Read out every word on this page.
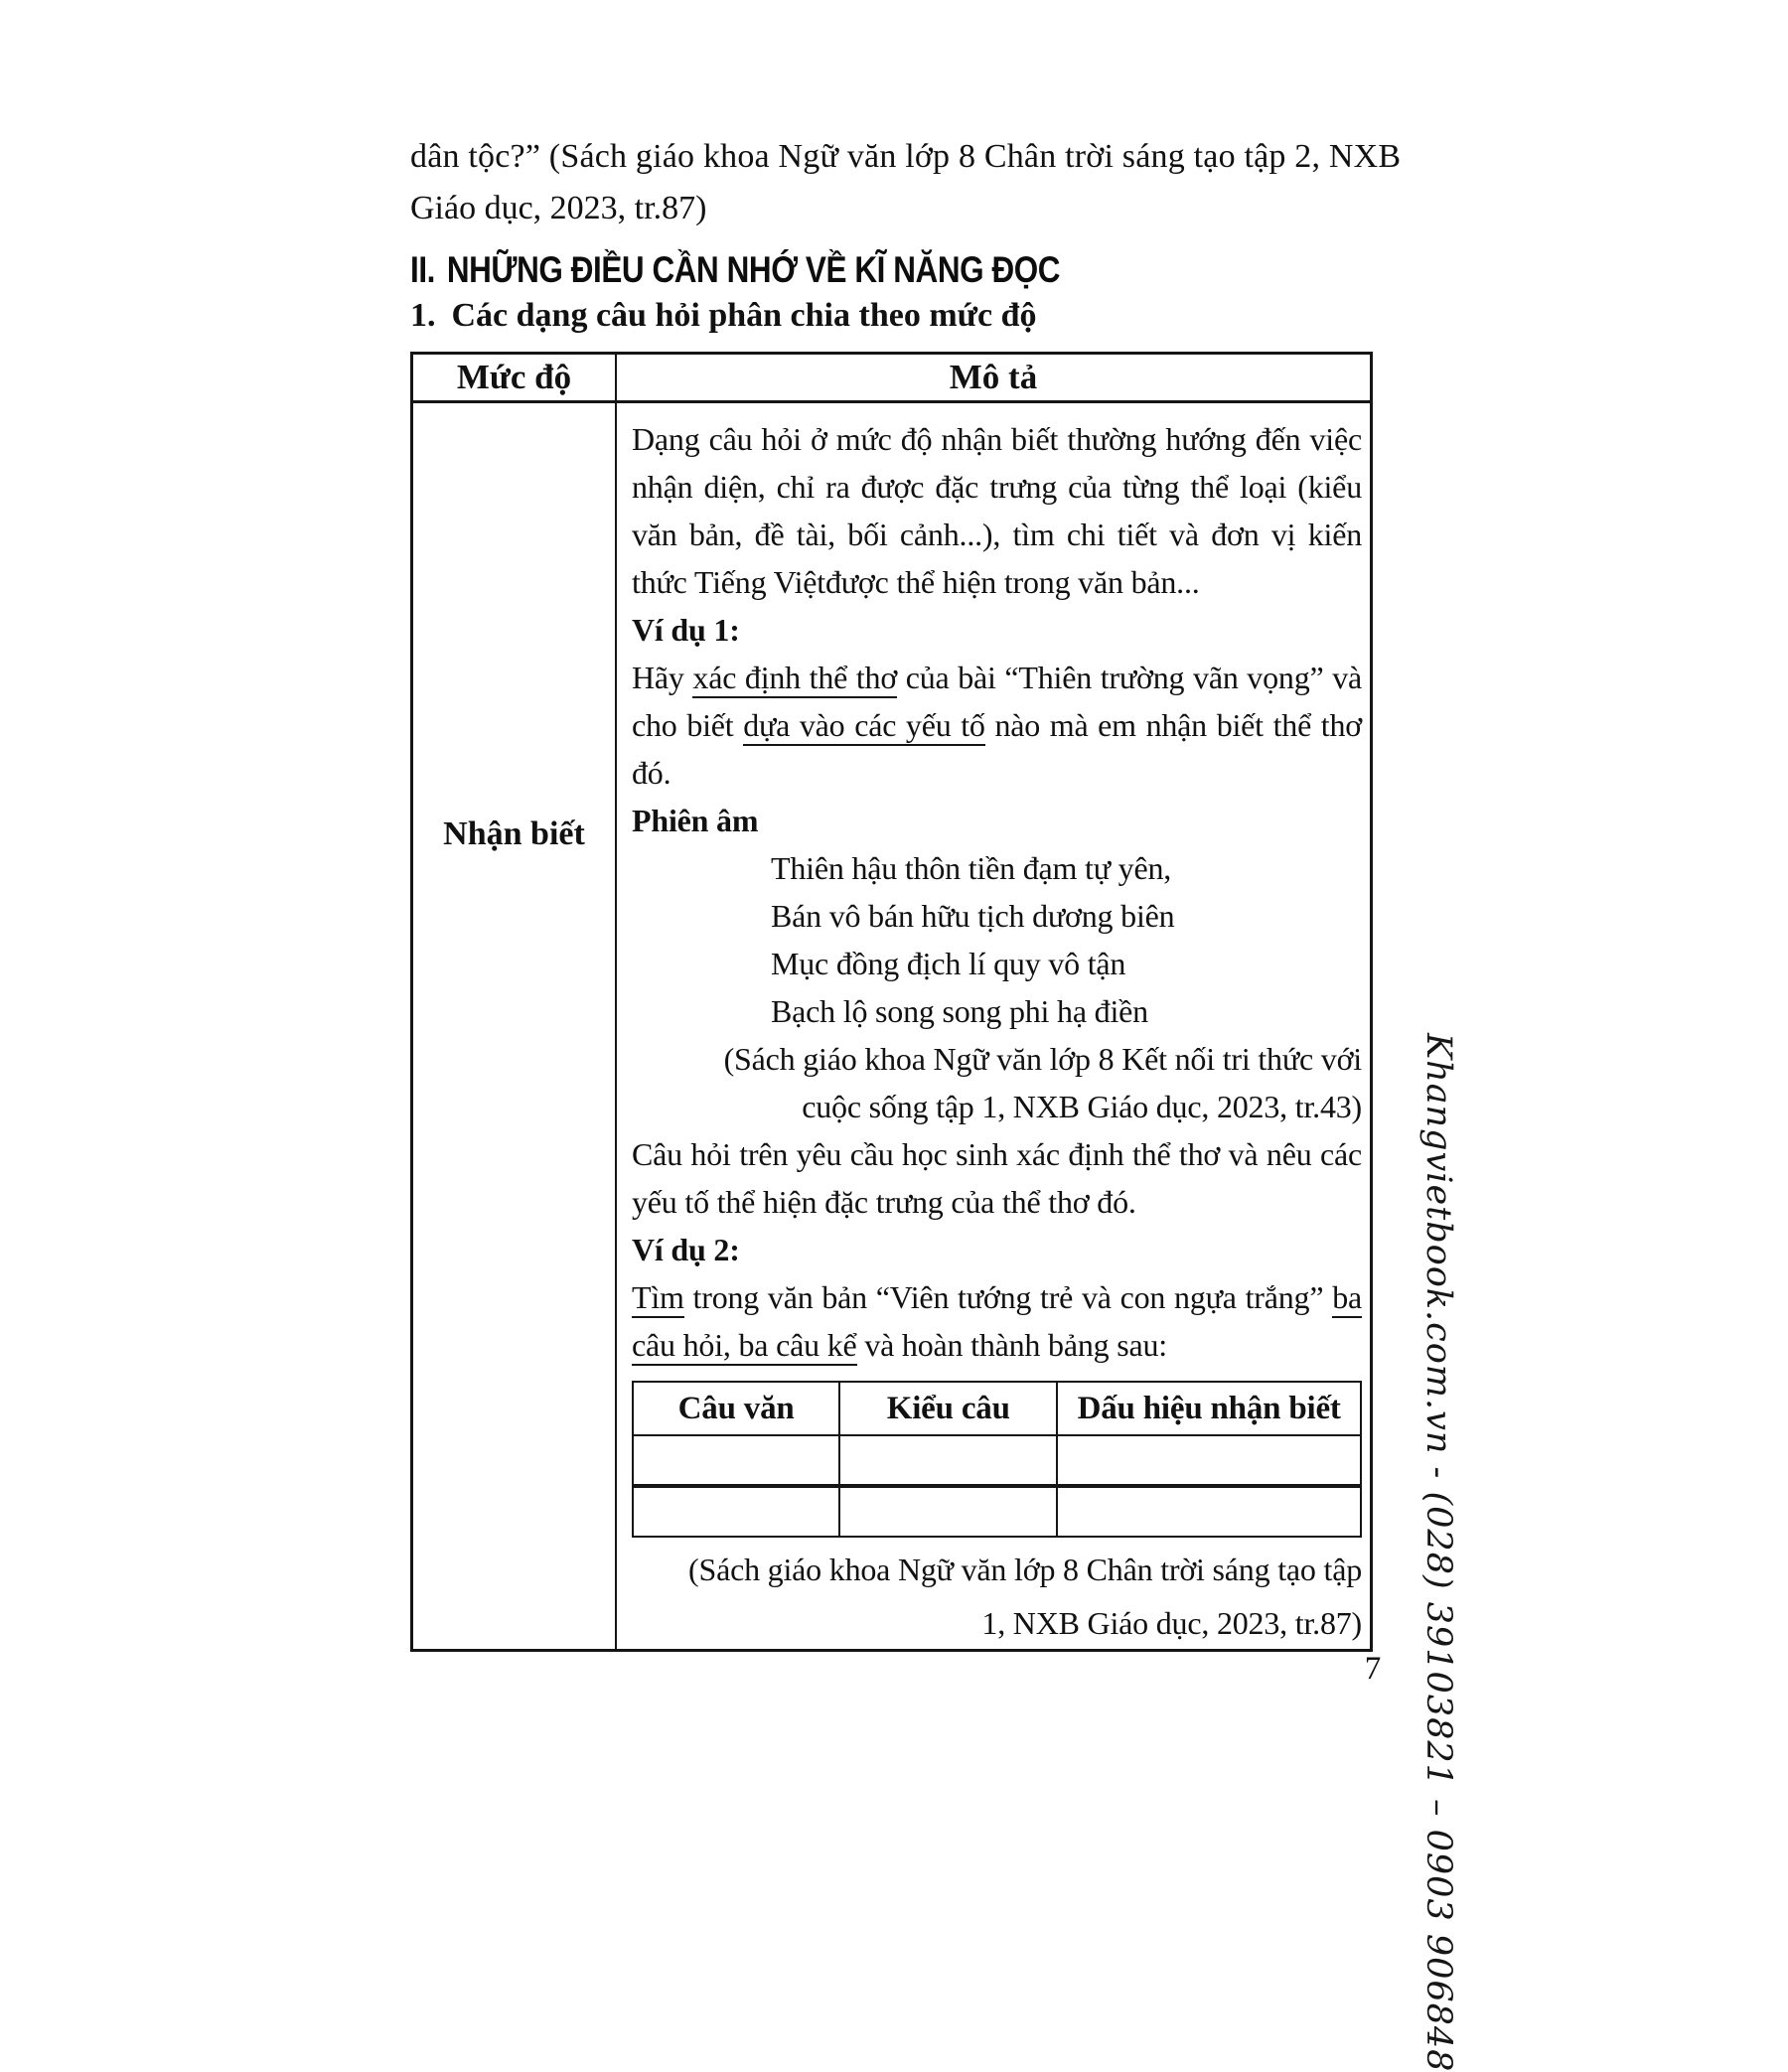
dân tộc?” (Sách giáo khoa Ngữ văn lớp 8 Chân trời sáng tạo tập 2, NXB
Giáo dục, 2023, tr.87)
II. NHỮNG ĐIỀU CẦN NHỚ VỀ KĨ NĂNG ĐỌC
1. Các dạng câu hỏi phân chia theo mức độ
Mức độ	Mô tả
Nhận biết

Dạng câu hỏi ở mức độ nhận biết thường hướng đến việc nhận diện, chỉ ra được đặc trưng của từng thể loại (kiểu văn bản, đề tài, bối cảnh...), tìm chi tiết và đơn vị kiến thức Tiếng Việtđược thể hiện trong văn bản...

Ví dụ 1:

Hãy xác định thể thơ của bài “Thiên trường vãn vọng” và cho biết dựa vào các yếu tố nào mà em nhận biết thể thơ đó.

Phiên âm

Thiên hậu thôn tiền đạm tự yên,
Bán vô bán hữu tịch dương biên
Mục đồng địch lí quy vô tận
Bạch lộ song song phi hạ điền
(Sách giáo khoa Ngữ văn lớp 8 Kết nối tri thức với
cuộc sống tập 1, NXB Giáo dục, 2023, tr.43)

Câu hỏi trên yêu cầu học sinh xác định thể thơ và nêu các yếu tố thể hiện đặc trưng của thể thơ đó.

Ví dụ 2:

Tìm trong văn bản “Viên tướng trẻ và con ngựa trắng” ba câu hỏi, ba câu kể và hoàn thành bảng sau:

Câu văn	Kiểu câu	Dấu hiệu nhận biết

(Sách giáo khoa Ngữ văn lớp 8 Chân trời sáng tạo tập
1, NXB Giáo dục, 2023, tr.87) Khangvietbook.com.vn - (028) 39103821 – 0903 906848
7
